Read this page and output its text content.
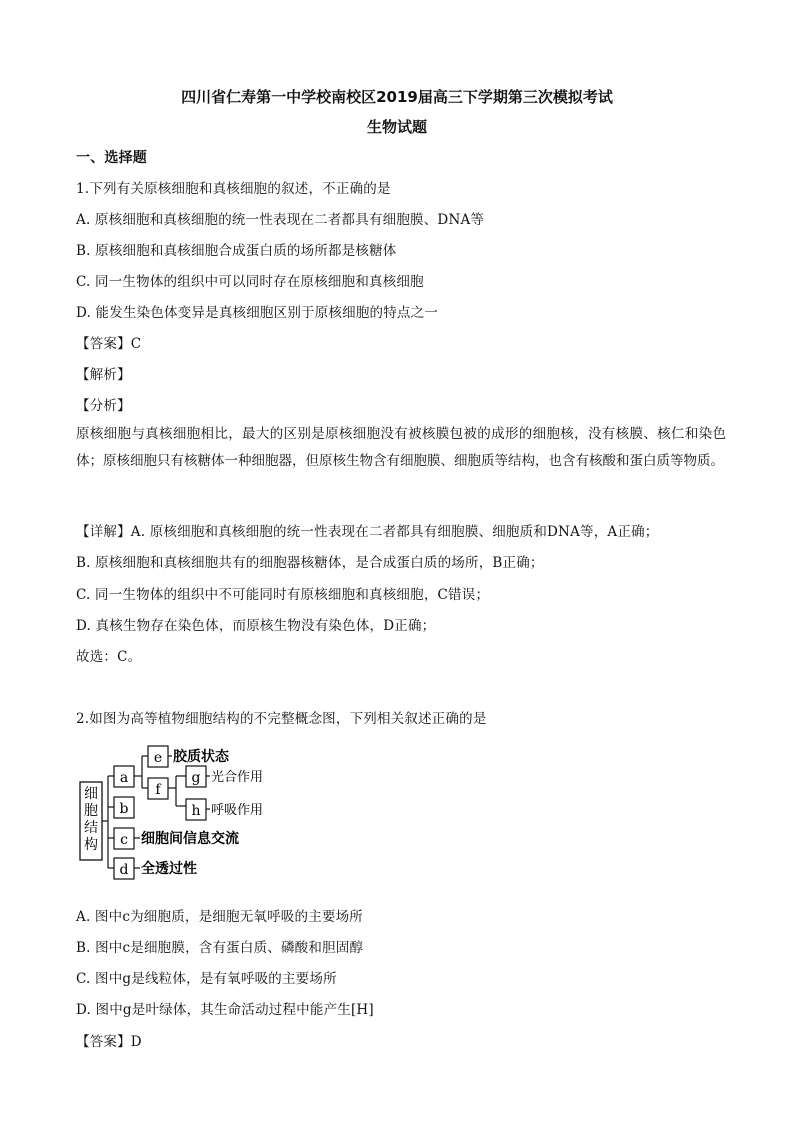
四川省仁寿第一中学校南校区2019届高三下学期第三次模拟考试
生物试题
一、选择题
1.下列有关原核细胞和真核细胞的叙述，不正确的是
A. 原核细胞和真核细胞的统一性表现在二者都具有细胞膜、DNA等
B. 原核细胞和真核细胞合成蛋白质的场所都是核糖体
C. 同一生物体的组织中可以同时存在原核细胞和真核细胞
D. 能发生染色体变异是真核细胞区别于原核细胞的特点之一
【答案】C
【解析】
【分析】
原核细胞与真核细胞相比，最大的区别是原核细胞没有被核膜包被的成形的细胞核，没有核膜、核仁和染色体；原核细胞只有核糖体一种细胞器，但原核生物含有细胞膜、细胞质等结构，也含有核酸和蛋白质等物质。
【详解】A. 原核细胞和真核细胞的统一性表现在二者都具有细胞膜、细胞质和DNA等，A正确；
B. 原核细胞和真核细胞共有的细胞器核糖体，是合成蛋白质的场所，B正确；
C. 同一生物体的组织中不可能同时有原核细胞和真核细胞，C错误；
D. 真核生物存在染色体，而原核生物没有染色体，D正确；
故选：C。
2.如图为高等植物细胞结构的不完整概念图，下列相关叙述正确的是
细胞结构
a
b
c
d
e 胶质状态
f
g 光合作用
h 呼吸作用
细胞间信息交流
全透过性
A. 图中c为细胞质，是细胞无氧呼吸的主要场所
B. 图中c是细胞膜，含有蛋白质、磷酸和胆固醇
C. 图中g是线粒体，是有氧呼吸的主要场所
D. 图中g是叶绿体，其生命活动过程中能产生[H]
【答案】D
